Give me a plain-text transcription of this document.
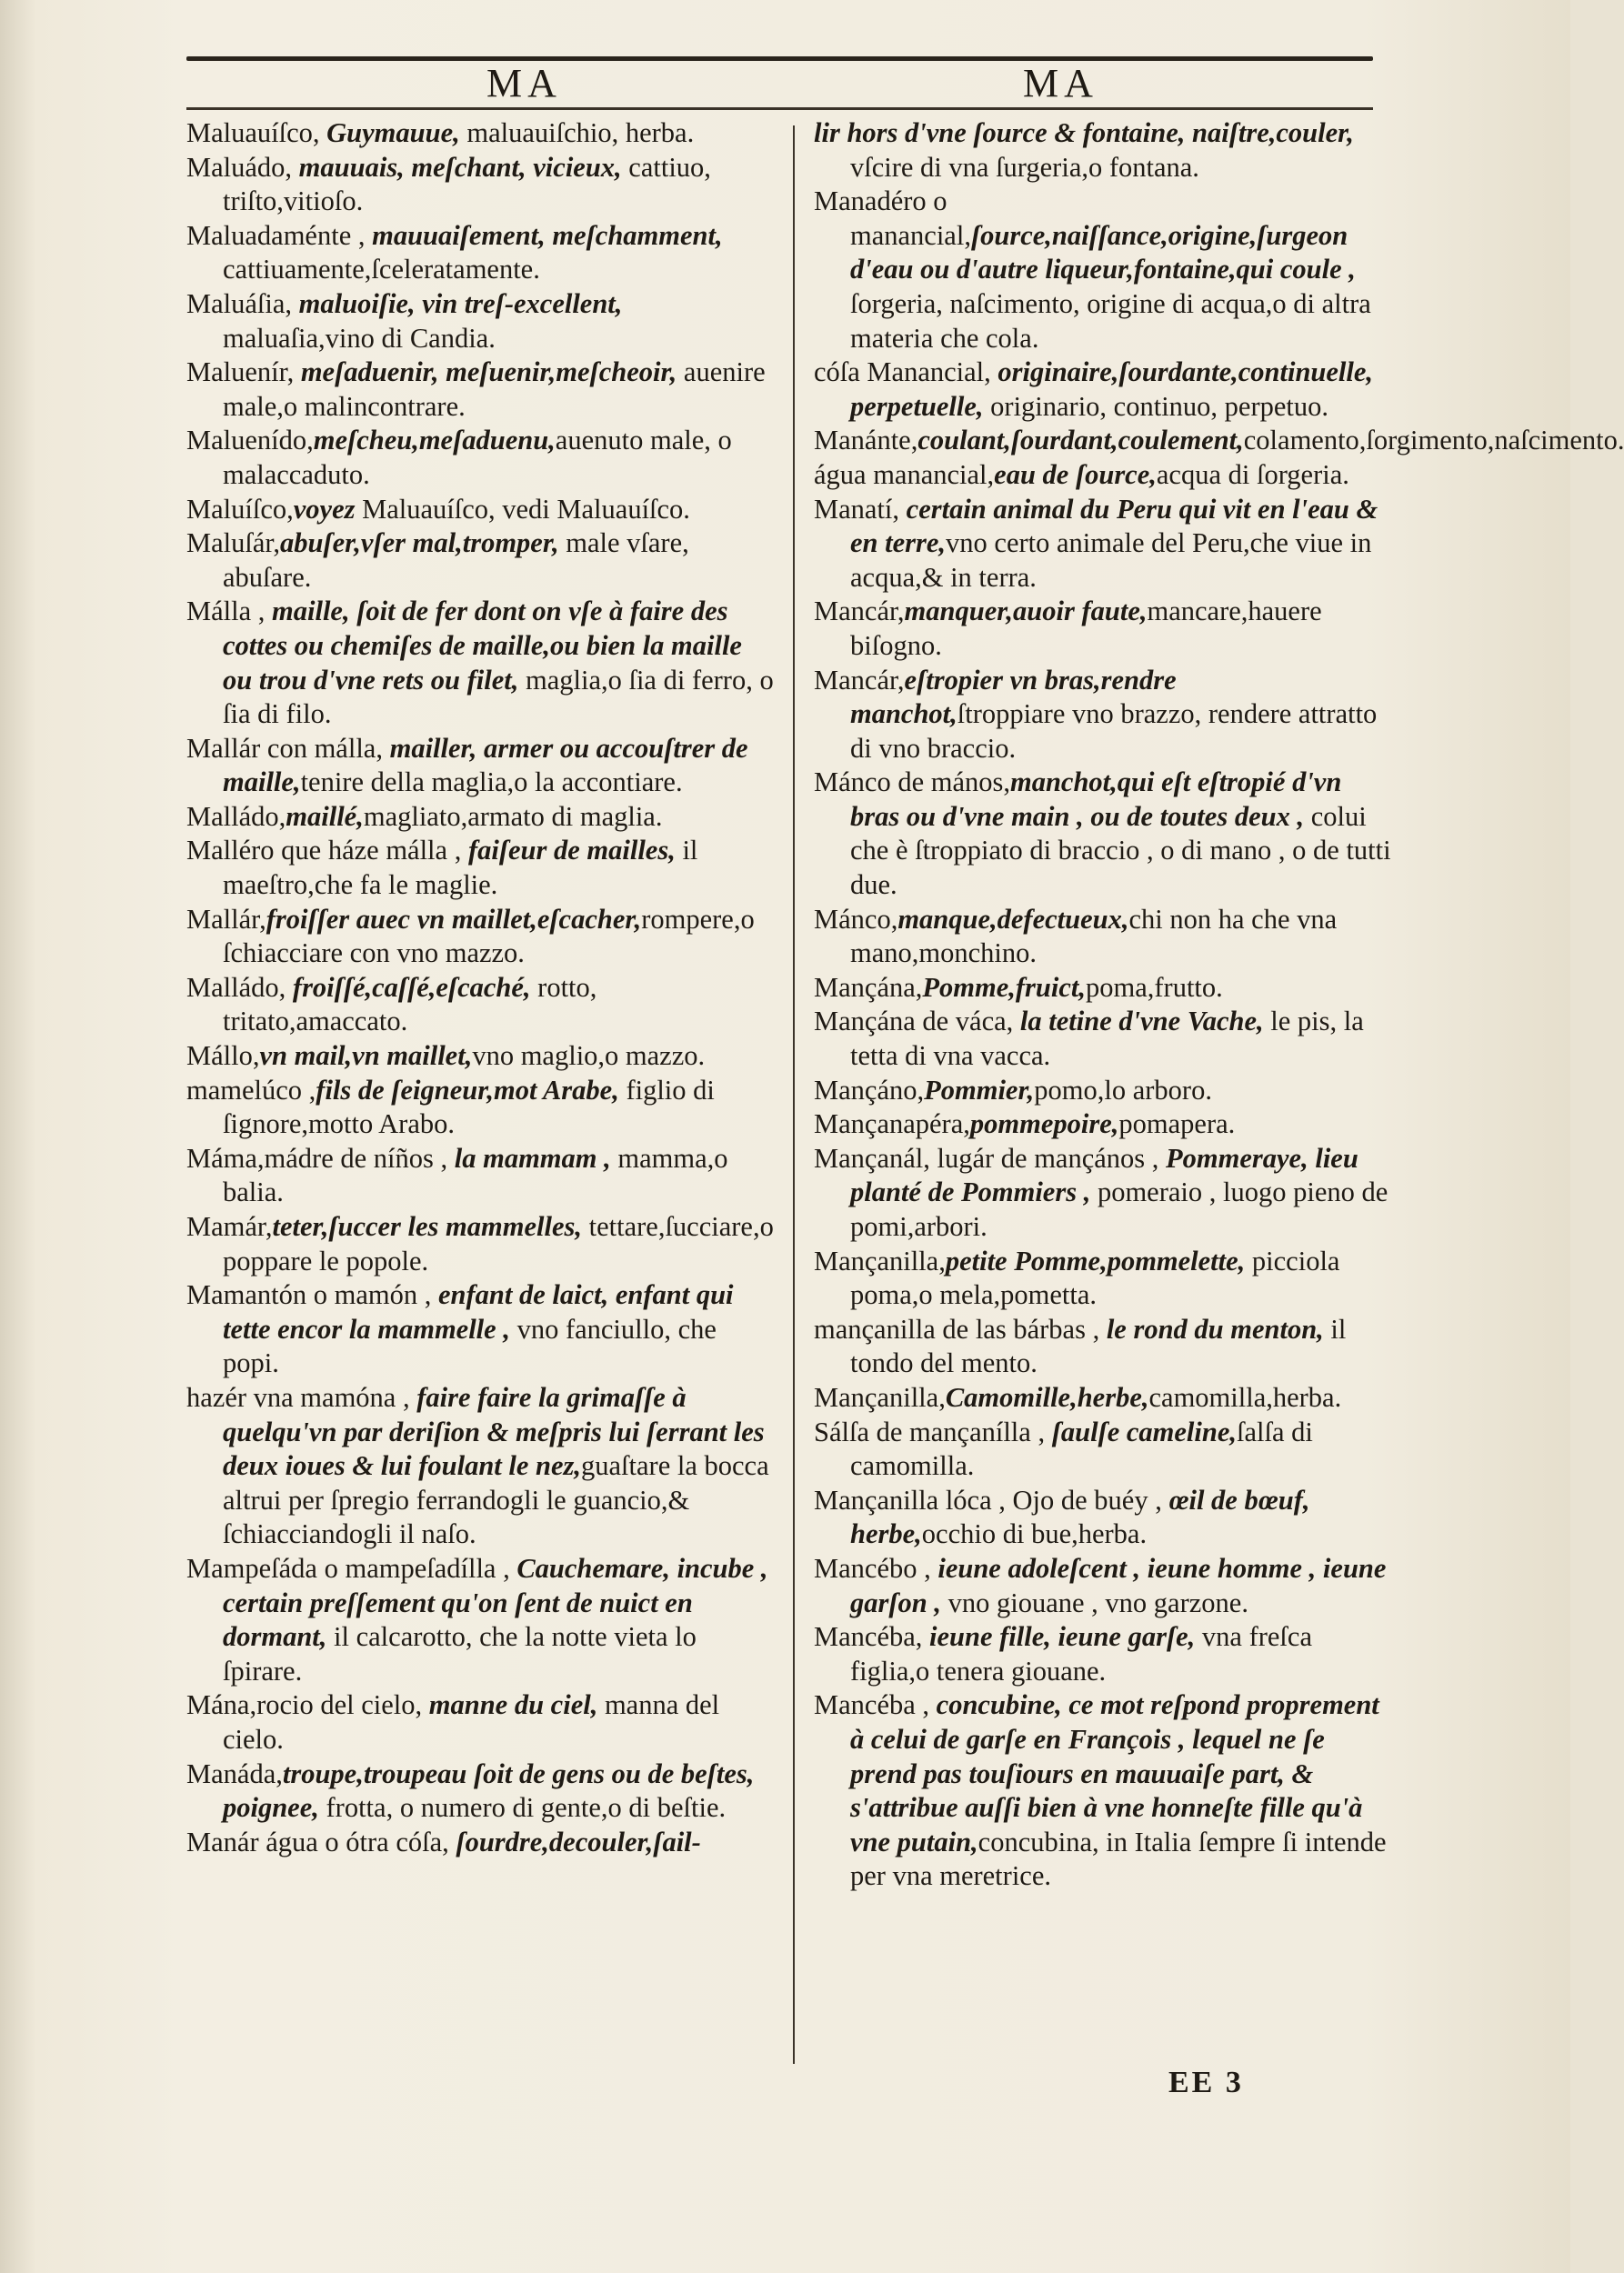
MA	MA

Maluauíſco, Guymauue, maluauiſchio, herba.

Maluádo, mauuais, meſchant, vicieux, cattiuo, triſto,vitioſo.

Maluadaménte , mauuaiſement, meſchamment, cattiuamente,ſceleratamente.

Maluáſia, maluoiſie, vin treſ-excellent, maluaſia,vino di Candia.

Maluenír, meſaduenir, meſuenir,meſcheoir, auenire male,o malincontrare.

Maluenído,meſcheu,meſaduenu,auenuto male, o malaccaduto.

Maluíſco,voyez Maluauíſco, vedi Maluauíſco.

Maluſár,abuſer,vſer mal,tromper, male vſare, abuſare.

Málla , maille, ſoit de fer dont on vſe à faire des cottes ou chemiſes de maille,ou bien la maille ou trou d'vne rets ou filet, maglia,o ſia di ferro, o ſia di filo.

Mallár con málla, mailler, armer ou accouſtrer de maille,tenire della maglia,o la accontiare.

Malládo,maillé,magliato,armato di maglia.

Malléro que háze málla , faiſeur de mailles, il maeſtro,che fa le maglie.

Mallár,froiſſer auec vn maillet,eſcacher,rompere,o ſchiacciare con vno mazzo.

Malládo, froiſſé,caſſé,eſcaché, rotto, tritato,amaccato.

Mállo,vn mail,vn maillet,vno maglio,o mazzo.

mamelúco ,fils de ſeigneur,mot Arabe, figlio di ſignore,motto Arabo.

Máma,mádre de níños , la mammam , mamma,o balia.

Mamár,teter,ſuccer les mammelles, tettare,ſucciare,o poppare le popole.

Mamantón o mamón , enfant de laict, enfant qui tette encor la mammelle , vno fanciullo, che popi.

hazér vna mamóna , faire faire la grimaſſe à quelqu'vn par deriſion & meſpris lui ſerrant les deux ioues & lui foulant le nez,guaſtare la bocca altrui per ſpregio ferrandogli le guancio,& ſchiacciandogli il naſo.

Mampeſáda o mampeſadílla , Cauchemare, incube , certain preſſement qu'on ſent de nuict en dormant, il calcarotto, che la notte vieta lo ſpirare.

Mána,rocio del cielo, manne du ciel, manna del cielo.

Manáda,troupe,troupeau ſoit de gens ou de beſtes, poignee, frotta, o numero di gente,o di beſtie.

Manár água o ótra cóſa, ſourdre,decouler,ſail-

lir hors d'vne ſource & fontaine, naiſtre,couler, vſcire di vna ſurgeria,o fontana.

Manadéro o manancial,ſource,naiſſance,origine,ſurgeon d'eau ou d'autre liqueur,fontaine,qui coule , ſorgeria, naſcimento, origine di acqua,o di altra materia che cola.

cóſa Manancial, originaire,ſourdante,continuelle, perpetuelle, originario, continuo, perpetuo.

Manánte,coulant,ſourdant,coulement,colamento,ſorgimento,naſcimento.

água manancial,eau de ſource,acqua di ſorgeria.

Manatí, certain animal du Peru qui vit en l'eau & en terre,vno certo animale del Peru,che viue in acqua,& in terra.

Mancár,manquer,auoir faute,mancare,hauere biſogno.

Mancár,eſtropier vn bras,rendre manchot,ſtroppiare vno brazzo, rendere attratto di vno braccio.

Mánco de mános,manchot,qui eſt eſtropié d'vn bras ou d'vne main , ou de toutes deux , colui che è ſtroppiato di braccio , o di mano , o de tutti due.

Mánco,manque,defectueux,chi non ha che vna mano,monchino.

Mançána,Pomme,fruict,poma,frutto.

Mançána de váca, la tetine d'vne Vache, le pis, la tetta di vna vacca.

Mançáno,Pommier,pomo,lo arboro.

Mançanapéra,pommepoire,pomapera.

Mançanál, lugár de mançános , Pommeraye, lieu planté de Pommiers , pomeraio , luogo pieno de pomi,arbori.

Mançanilla,petite Pomme,pommelette, picciola poma,o mela,pometta.

mançanilla de las bárbas , le rond du menton, il tondo del mento.

Mançanilla,Camomille,herbe,camomilla,herba.

Sálſa de mançanílla , ſaulſe cameline,ſalſa di camomilla.

Mançanilla lóca , Ojo de buéy , œil de bœuf, herbe,occhio di bue,herba.

Mancébo , ieune adoleſcent , ieune homme , ieune garſon , vno giouane , vno garzone.

Mancéba, ieune fille, ieune garſe, vna freſca figlia,o tenera giouane.

Mancéba , concubine, ce mot reſpond proprement à celui de garſe en François , lequel ne ſe prend pas touſiours en mauuaiſe part, & s'attribue auſſi bien à vne honneſte fille qu'à vne putain,concubina, in Italia ſempre ſi intende per vna meretrice.

EE 3
